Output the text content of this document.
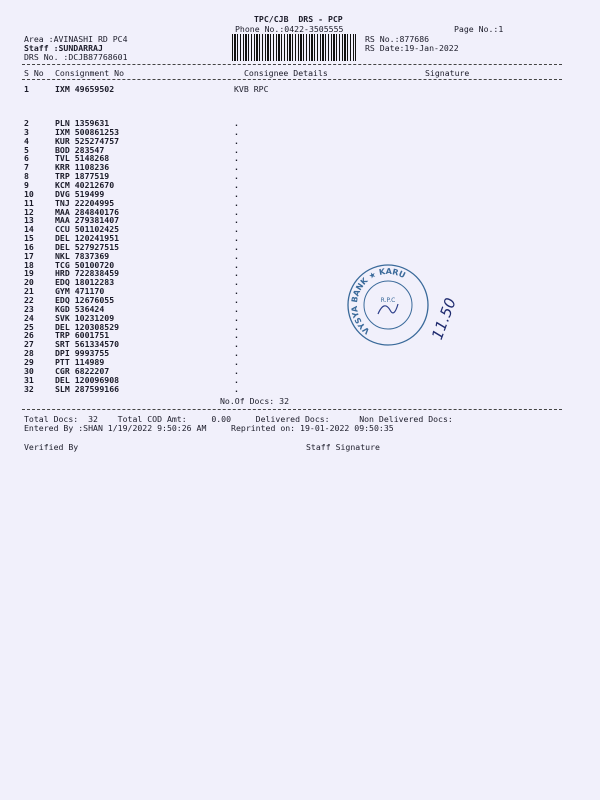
TPC/CJB  DRS - PCP
Phone No.:0422-3505555	Page No.:1
Area :AVINASHI RD PC4
Staff :SUNDARRAJ
DRS No. :DCJB87768601
RS No.:877686
RS Date:19-Jan-2022
S No Consignment No	Consignee Details	Signature
1	IXM 49659502	KVB RPC
2	PLN 1359631	.
3	IXM 500861253	.
4	KUR 525274757	.
5	BOD 283547	.
6	TVL 5148268	.
7	KRR 1108236	.
8	TRP 1877519	.
9	KCM 40212670	.
10	DVG 519499	.
11	TNJ 22204995	.
12	MAA 284840176	.
13	MAA 279381407	.
14	CCU 501102425	.
15	DEL 120241951	.
16	DEL 527927515	.
17	NKL 7837369	.
18	TCG 50100720	.
19	HRD 722838459	.
20	EDQ 18012283	.
21	GYM 471170	.
22	EDQ 12676055	.
23	KGD 536424	.
24	SVK 10231209	.
25	DEL 120308529	.
26	TRP 6001751	.
27	SRT 561334570	.
28	DPI 9993755	.
29	PTT 114989	.
30	CGR 6822207	.
31	DEL 120096908	.
32	SLM 287599166	.
No.Of Docs: 32
Total Docs:  32    Total COD Amt:     0.00     Delivered Docs:      Non Delivered Docs:
Entered By :SHAN 1/19/2022 9:50:26 AM     Reprinted on: 19-01-2022 09:50:35
Verified By	Staff Signature
VYSYA BANK ★ KARUR
R.P.C 11.50
